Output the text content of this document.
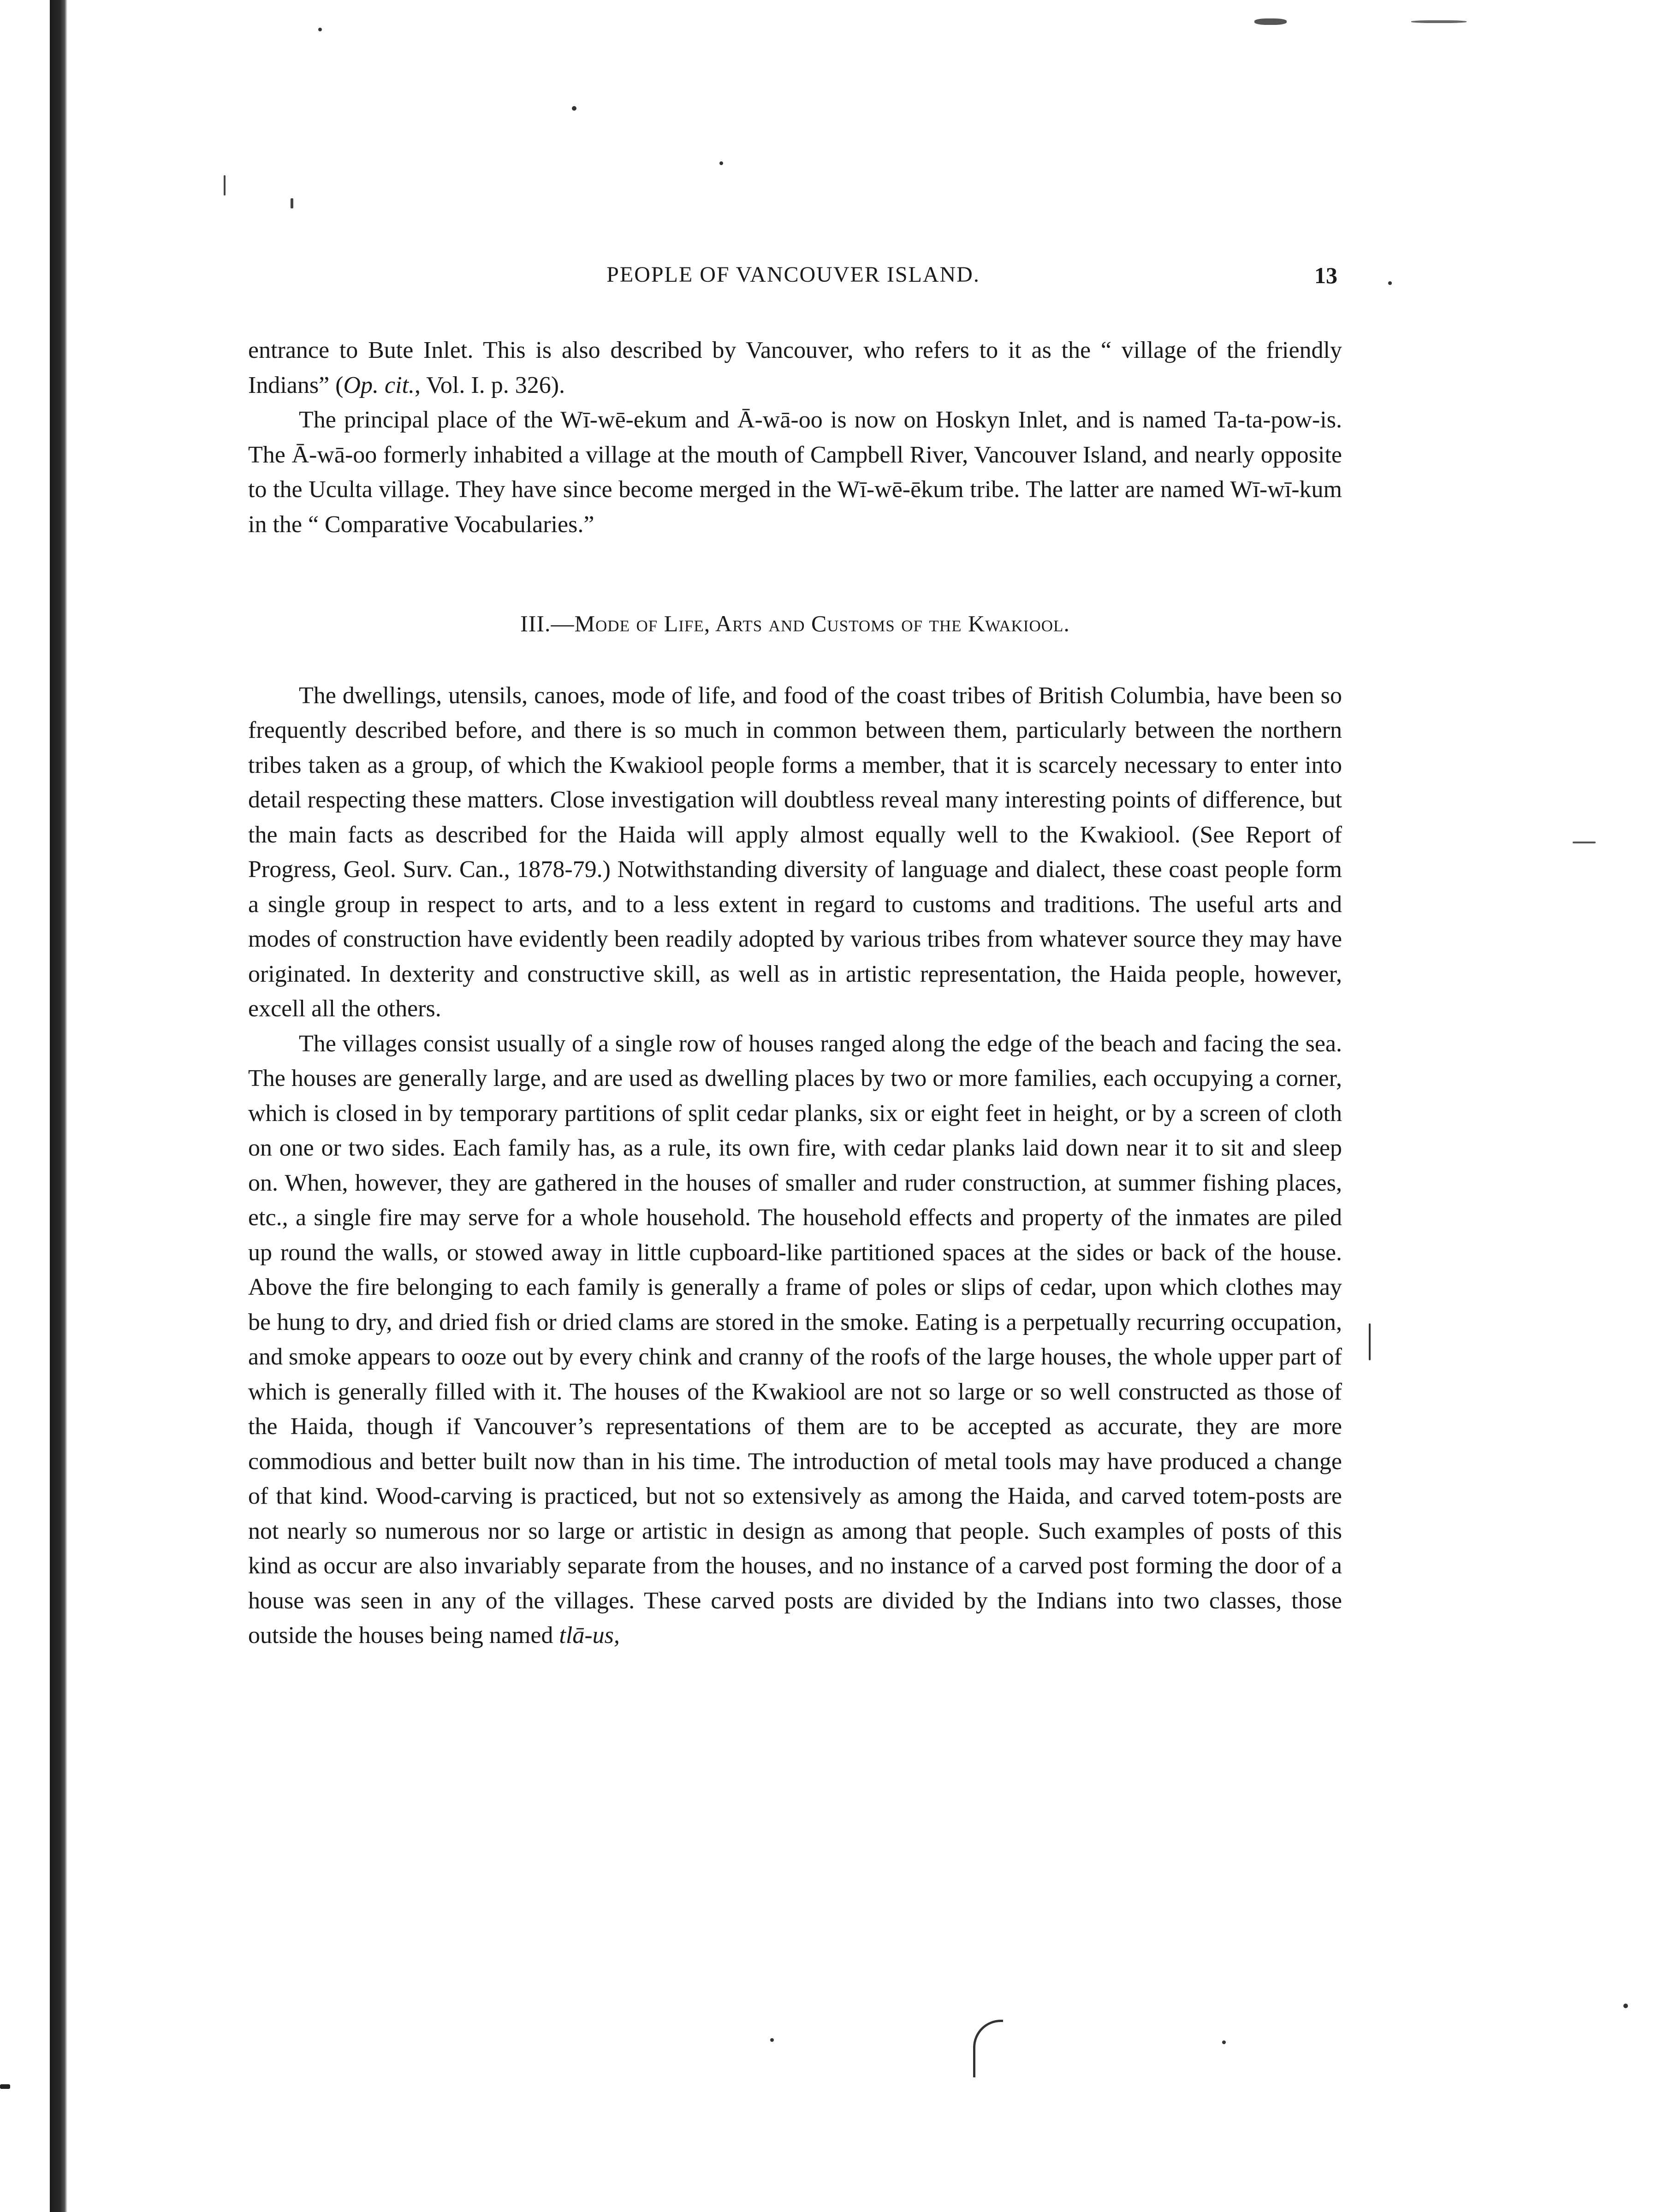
PEOPLE OF VANCOUVER ISLAND.	13

entrance to Bute Inlet. This is also described by Vancouver, who refers to it as the “ village of the friendly Indians” (Op. cit., Vol. I. p. 326).

The principal place of the Wī-wē-ekum and Ā-wā-oo is now on Hoskyn Inlet, and is named Ta-ta-pow-is. The Ā-wā-oo formerly inhabited a village at the mouth of Campbell River, Vancouver Island, and nearly opposite to the Uculta village. They have since become merged in the Wī-wē-ēkum tribe. The latter are named Wī-wī-kum in the “ Comparative Vocabularies.”

III.—Mode of Life, Arts and Customs of the Kwakiool.

The dwellings, utensils, canoes, mode of life, and food of the coast tribes of British Columbia, have been so frequently described before, and there is so much in common between them, particularly between the northern tribes taken as a group, of which the Kwakiool people forms a member, that it is scarcely necessary to enter into detail respecting these matters. Close investigation will doubtless reveal many interesting points of difference, but the main facts as described for the Haida will apply almost equally well to the Kwakiool. (See Report of Progress, Geol. Surv. Can., 1878-79.) Notwithstanding diversity of language and dialect, these coast people form a single group in respect to arts, and to a less extent in regard to customs and traditions. The useful arts and modes of construction have evidently been readily adopted by various tribes from whatever source they may have originated. In dexterity and constructive skill, as well as in artistic representation, the Haida people, however, excell all the others.

The villages consist usually of a single row of houses ranged along the edge of the beach and facing the sea. The houses are generally large, and are used as dwelling places by two or more families, each occupying a corner, which is closed in by temporary partitions of split cedar planks, six or eight feet in height, or by a screen of cloth on one or two sides. Each family has, as a rule, its own fire, with cedar planks laid down near it to sit and sleep on. When, however, they are gathered in the houses of smaller and ruder construction, at summer fishing places, etc., a single fire may serve for a whole household. The household effects and property of the inmates are piled up round the walls, or stowed away in little cupboard-like partitioned spaces at the sides or back of the house. Above the fire belonging to each family is generally a frame of poles or slips of cedar, upon which clothes may be hung to dry, and dried fish or dried clams are stored in the smoke. Eating is a perpetually recurring occupation, and smoke appears to ooze out by every chink and cranny of the roofs of the large houses, the whole upper part of which is generally filled with it. The houses of the Kwakiool are not so large or so well constructed as those of the Haida, though if Vancouver’s representations of them are to be accepted as accurate, they are more commodious and better built now than in his time. The introduction of metal tools may have produced a change of that kind. Wood-carving is practiced, but not so extensively as among the Haida, and carved totem-posts are not nearly so numerous nor so large or artistic in design as among that people. Such examples of posts of this kind as occur are also invariably separate from the houses, and no instance of a carved post forming the door of a house was seen in any of the villages. These carved posts are divided by the Indians into two classes, those outside the houses being named tlā-us,
